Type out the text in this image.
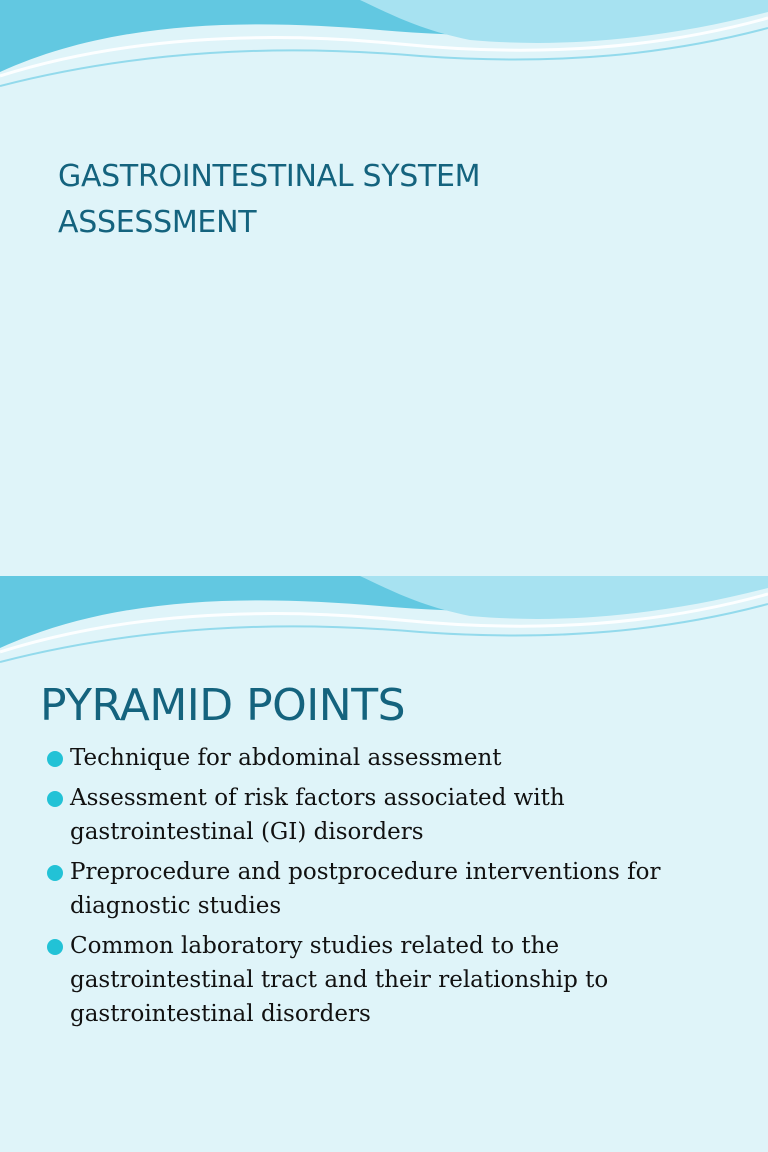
GASTROINTESTINAL SYSTEM
ASSESSMENT
PYRAMID POINTS
Technique for abdominal assessment
Assessment of risk factors associated with gastrointestinal (GI) disorders
Preprocedure and postprocedure interventions for diagnostic studies
Common laboratory studies related to the gastrointestinal tract and their relationship to gastrointestinal disorders
